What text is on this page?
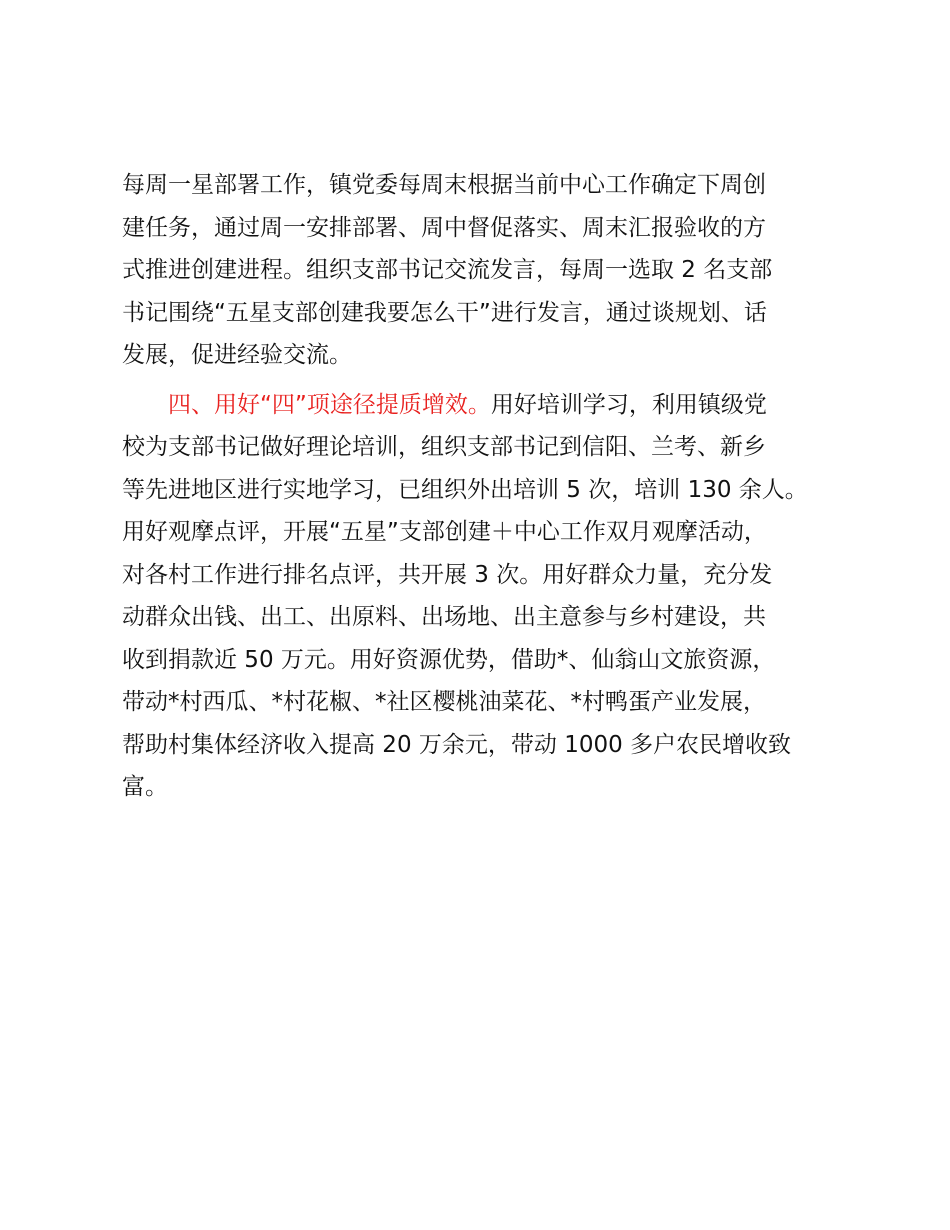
每周一星部署工作，镇党委每周末根据当前中心工作确定下周创
建任务，通过周一安排部署、周中督促落实、周末汇报验收的方
式推进创建进程。组织支部书记交流发言，每周一选取 2 名支部
书记围绕“五星支部创建我要怎么干”进行发言，通过谈规划、话
发展，促进经验交流。
四、用好“四”项途径提质增效。用好培训学习，利用镇级党
校为支部书记做好理论培训，组织支部书记到信阳、兰考、新乡
等先进地区进行实地学习，已组织外出培训 5 次，培训 130 余人。
用好观摩点评，开展“五星”支部创建＋中心工作双月观摩活动，
对各村工作进行排名点评，共开展 3 次。用好群众力量，充分发
动群众出钱、出工、出原料、出场地、出主意参与乡村建设，共
收到捐款近 50 万元。用好资源优势，借助*、仙翁山文旅资源，
带动*村西瓜、*村花椒、*社区樱桃油菜花、*村鸭蛋产业发展，
帮助村集体经济收入提高 20 万余元，带动 1000 多户农民增收致
富。
